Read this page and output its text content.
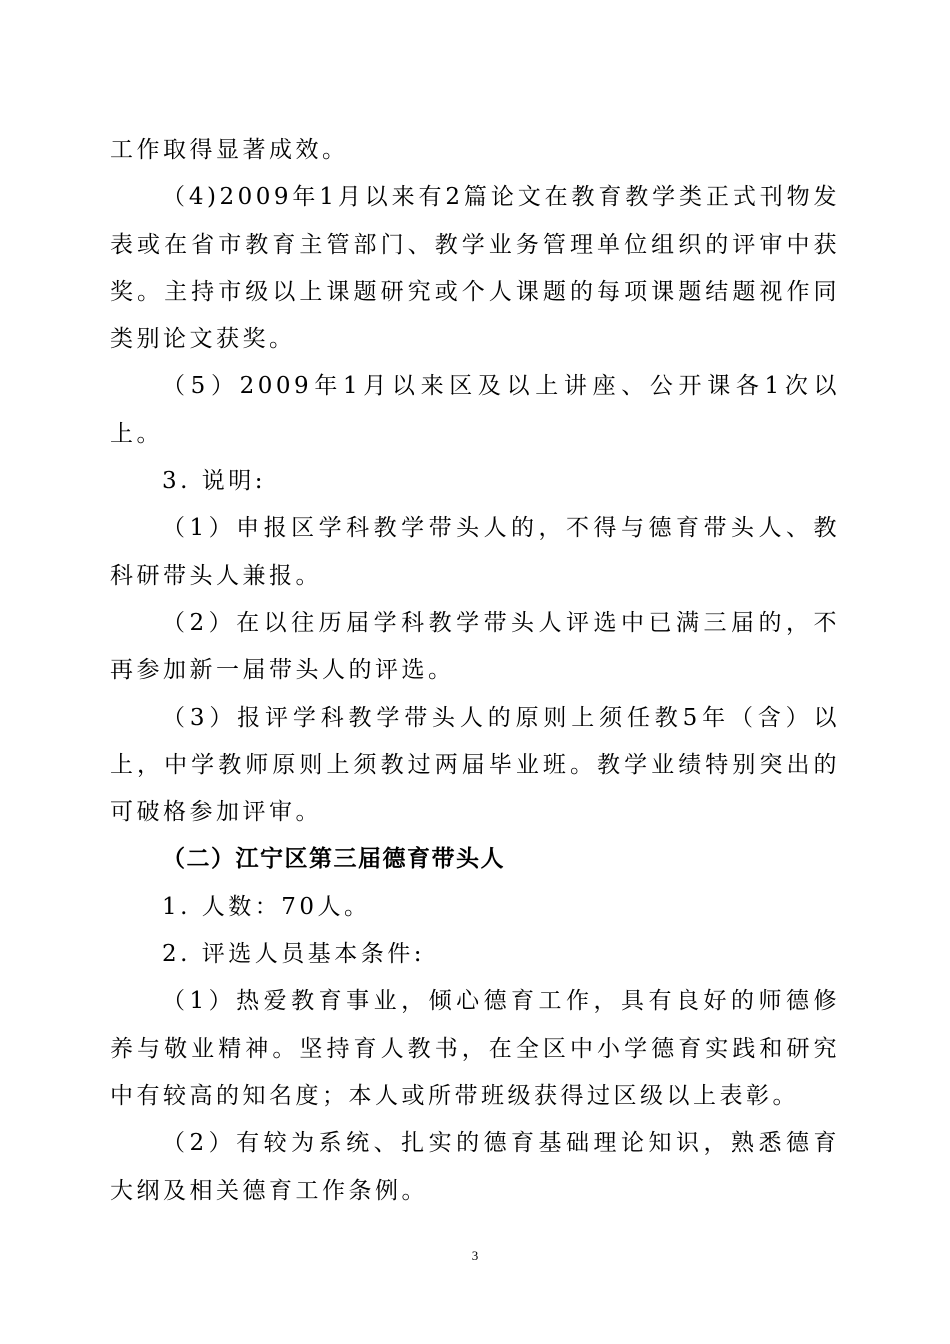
工作取得显著成效。

（4)2009年1月以来有2篇论文在教育教学类正式刊物发表或在省市教育主管部门、教学业务管理单位组织的评审中获奖。主持市级以上课题研究或个人课题的每项课题结题视作同类别论文获奖。

（5）2009年1月以来区及以上讲座、公开课各1次以上。

3. 说明:

（1）申报区学科教学带头人的，不得与德育带头人、教科研带头人兼报。

（2）在以往历届学科教学带头人评选中已满三届的，不再参加新一届带头人的评选。

（3）报评学科教学带头人的原则上须任教5年（含）以上，中学教师原则上须教过两届毕业班。教学业绩特别突出的可破格参加评审。

（二）江宁区第三届德育带头人

1. 人数：70人。

2. 评选人员基本条件:

（1）热爱教育事业，倾心德育工作，具有良好的师德修养与敬业精神。坚持育人教书，在全区中小学德育实践和研究中有较高的知名度；本人或所带班级获得过区级以上表彰。

（2）有较为系统、扎实的德育基础理论知识，熟悉德育大纲及相关德育工作条例。

3
